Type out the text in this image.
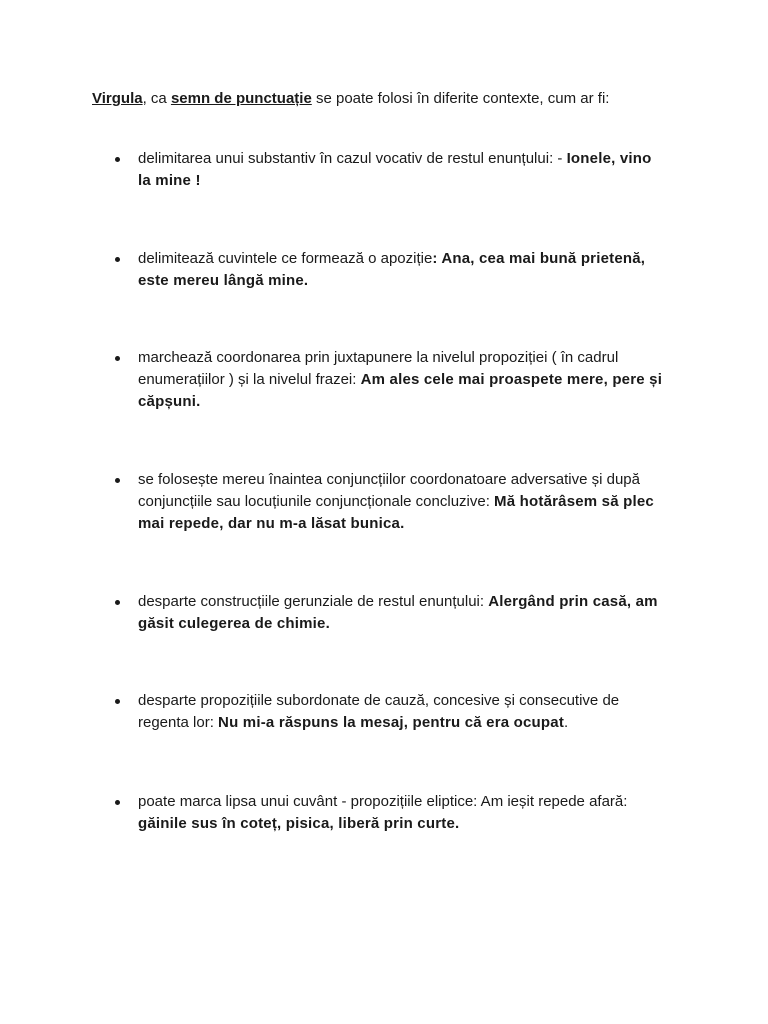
Virgula, ca semn de punctuație se poate folosi în diferite contexte, cum ar fi:

delimitarea unui substantiv în cazul vocativ de restul enunțului: - Ionele, vino la mine !
delimitează cuvintele ce formează o apoziție: Ana, cea mai bună prietenă, este mereu lângă mine.
marchează coordonarea prin juxtapunere la nivelul propoziției ( în cadrul enumerațiilor ) și la nivelul frazei: Am ales cele mai proaspete mere, pere și căpșuni.
se folosește mereu înaintea conjuncțiilor coordonatoare adversative și după conjuncțiile sau locuțiunile conjuncționale concluzive: Mă hotărâsem să plec mai repede, dar nu m-a lăsat bunica.
desparte construcțiile gerunziale de restul enunțului: Alergând prin casă, am găsit culegerea de chimie.
desparte propozițiile subordonate de cauză, concesive și consecutive de regenta lor: Nu mi-a răspuns la mesaj, pentru că era ocupat.
poate marca lipsa unui cuvânt - propozițiile eliptice: Am ieșit repede afară: găinile sus în coteț, pisica, liberă prin curte.
